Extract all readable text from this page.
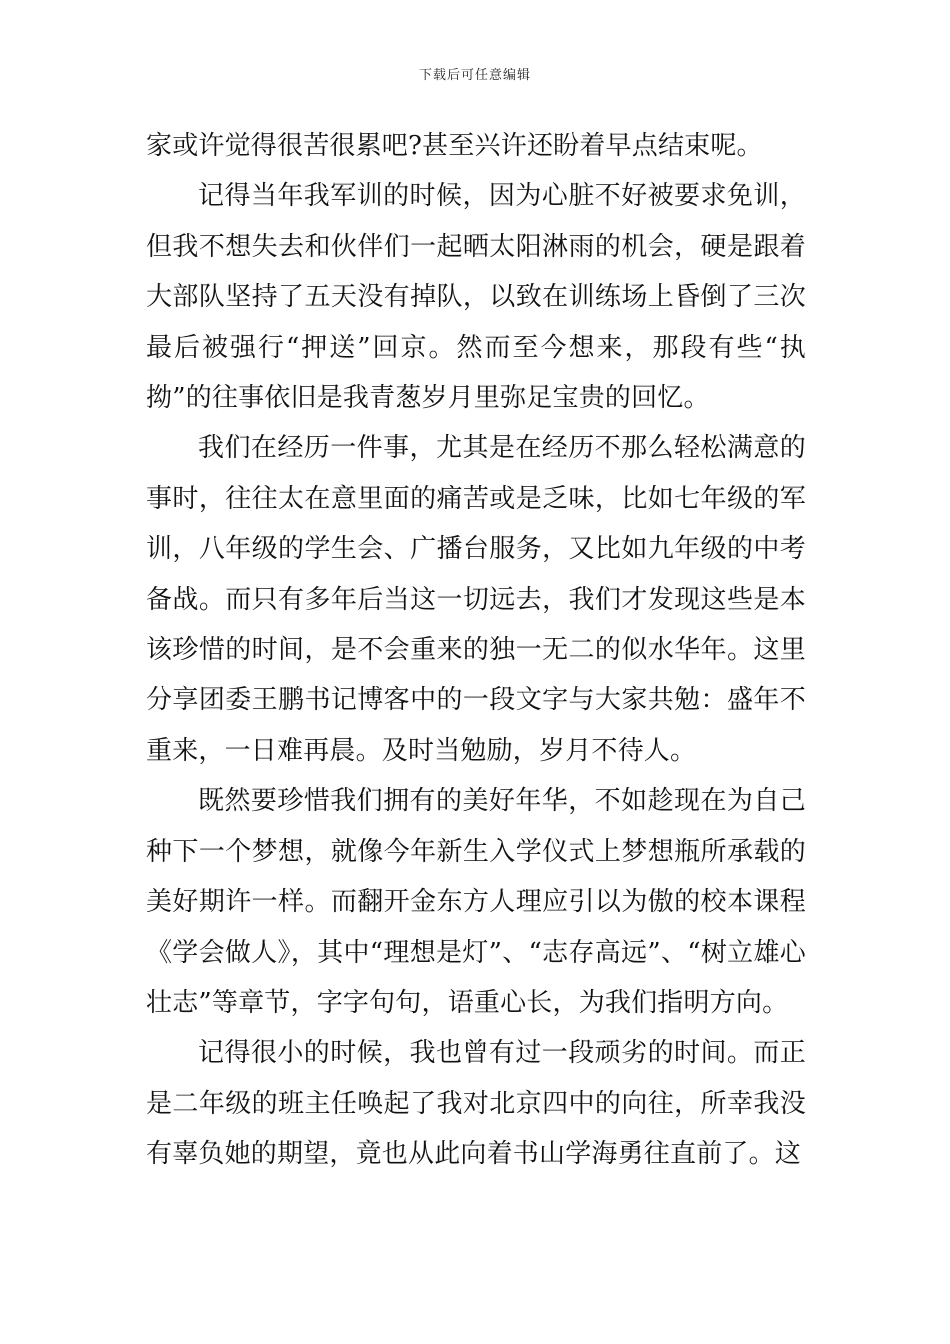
下载后可任意编辑

家或许觉得很苦很累吧?甚至兴许还盼着早点结束呢。

记得当年我军训的时候，因为心脏不好被要求免训，但我不想失去和伙伴们一起晒太阳淋雨的机会，硬是跟着大部队坚持了五天没有掉队，以致在训练场上昏倒了三次最后被强行“押送”回京。然而至今想来，那段有些“执拗”的往事依旧是我青葱岁月里弥足宝贵的回忆。

我们在经历一件事，尤其是在经历不那么轻松满意的事时，往往太在意里面的痛苦或是乏味，比如七年级的军训，八年级的学生会、广播台服务，又比如九年级的中考备战。而只有多年后当这一切远去，我们才发现这些是本该珍惜的时间，是不会重来的独一无二的似水华年。这里分享团委王鹏书记博客中的一段文字与大家共勉：盛年不重来，一日难再晨。及时当勉励，岁月不待人。

既然要珍惜我们拥有的美好年华，不如趁现在为自己种下一个梦想，就像今年新生入学仪式上梦想瓶所承载的美好期许一样。而翻开金东方人理应引以为傲的校本课程《学会做人》，其中“理想是灯”、“志存高远”、“树立雄心壮志”等章节，字字句句，语重心长，为我们指明方向。

记得很小的时候，我也曾有过一段顽劣的时间。而正是二年级的班主任唤起了我对北京四中的向往，所幸我没有辜负她的期望，竟也从此向着书山学海勇往直前了。这
